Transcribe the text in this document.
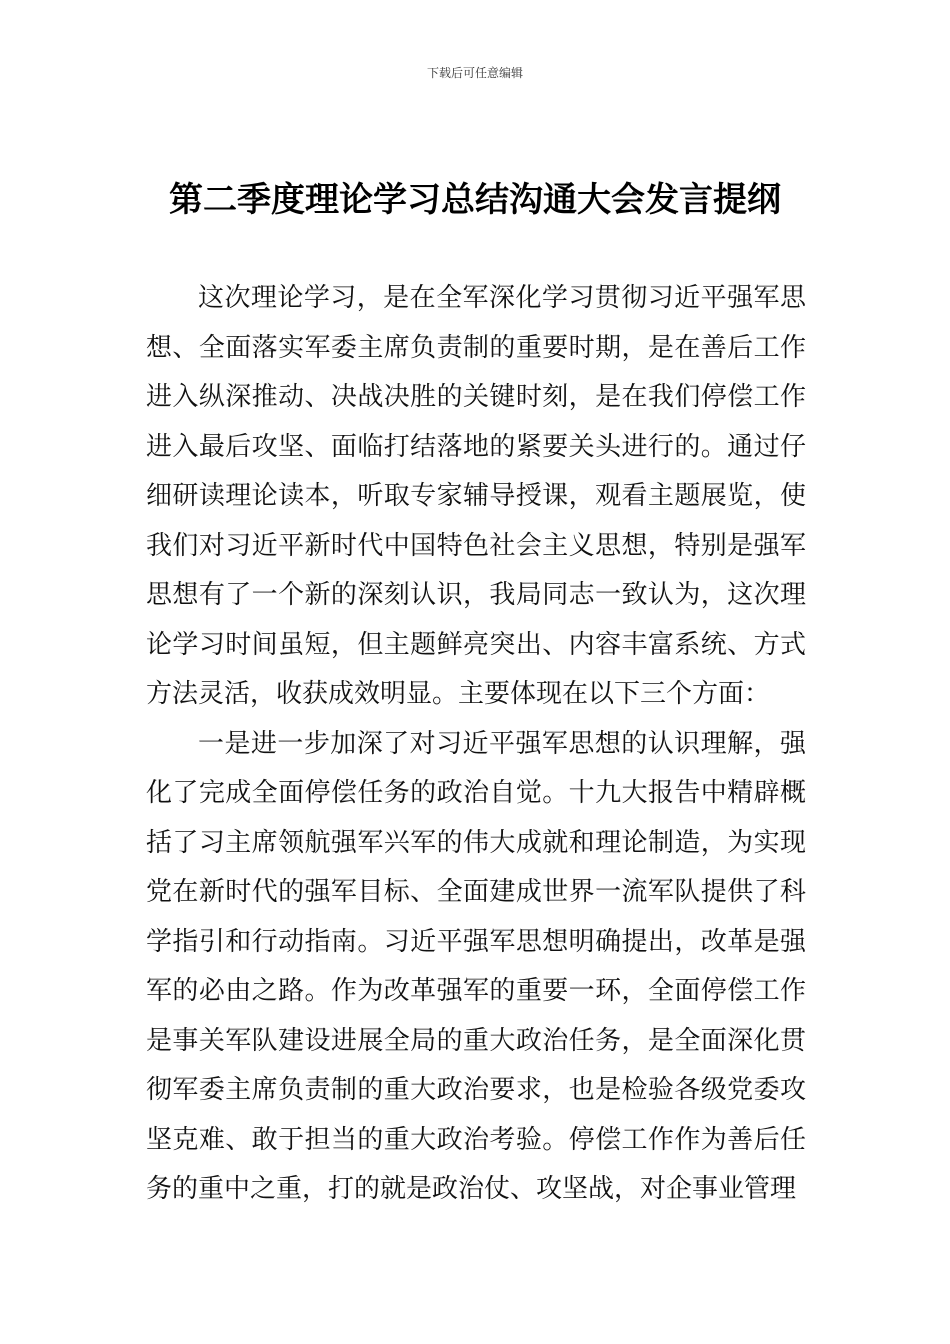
下载后可任意编辑
第二季度理论学习总结沟通大会发言提纲

这次理论学习，是在全军深化学习贯彻习近平强军思想、全面落实军委主席负责制的重要时期，是在善后工作进入纵深推动、决战决胜的关键时刻，是在我们停偿工作进入最后攻坚、面临打结落地的紧要关头进行的。通过仔细研读理论读本，听取专家辅导授课，观看主题展览，使我们对习近平新时代中国特色社会主义思想，特别是强军思想有了一个新的深刻认识，我局同志一致认为，这次理论学习时间虽短，但主题鲜亮突出、内容丰富系统、方式方法灵活，收获成效明显。主要体现在以下三个方面：

一是进一步加深了对习近平强军思想的认识理解，强化了完成全面停偿任务的政治自觉。十九大报告中精辟概括了习主席领航强军兴军的伟大成就和理论制造，为实现党在新时代的强军目标、全面建成世界一流军队提供了科学指引和行动指南。习近平强军思想明确提出，改革是强军的必由之路。作为改革强军的重要一环，全面停偿工作是事关军队建设进展全局的重大政治任务，是全面深化贯彻军委主席负责制的重大政治要求，也是检验各级党委攻坚克难、敢于担当的重大政治考验。停偿工作作为善后任务的重中之重，打的就是政治仗、攻坚战，对企事业管理
